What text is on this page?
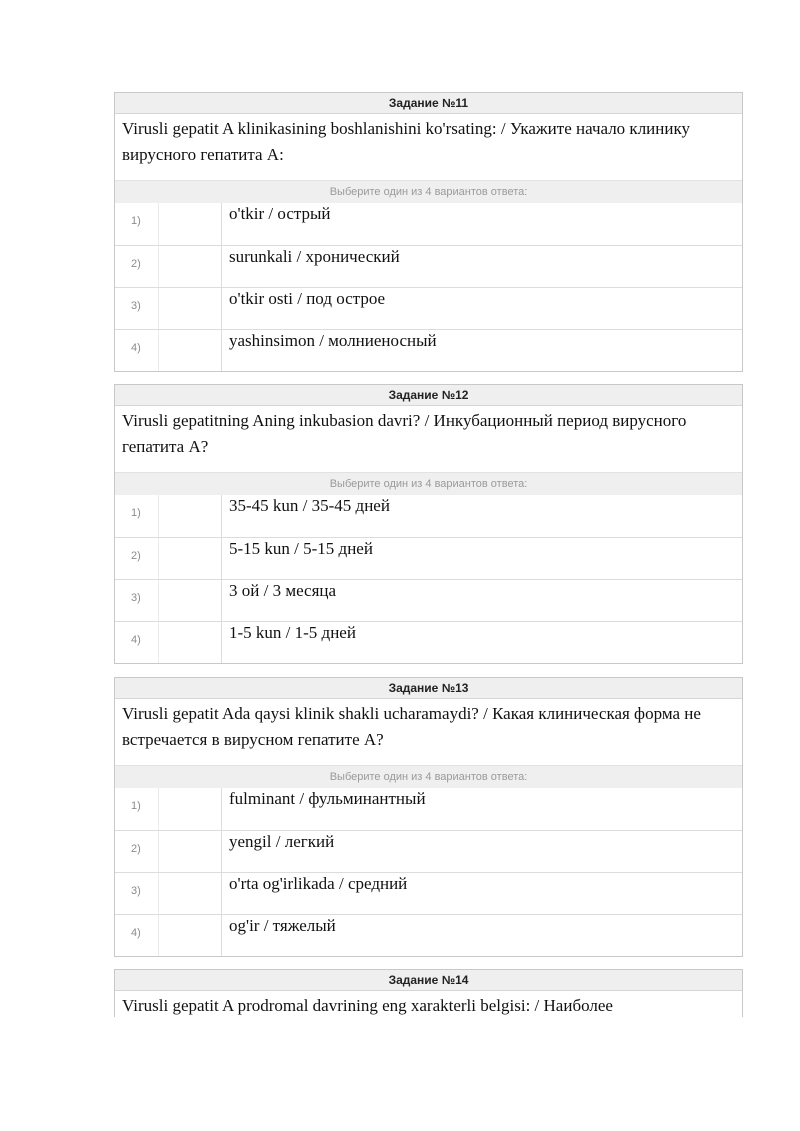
Задание №11
Virusli gepatit A klinikasining boshlanishini ko'rsating: / Укажите начало клинику вирусного гепатита A:
Выберите один из 4 вариантов ответа:
1)	o'tkir / острый
2)	surunkali / хронический
3)	o'tkir osti / под острое
4)	yashinsimon / молниеносный
Задание №12
Virusli gepatitning Aning inkubasion davri? / Инкубационный период вирусного гепатита A?
Выберите один из 4 вариантов ответа:
1)	35-45 kun / 35-45 дней
2)	5-15 kun / 5-15 дней
3)	3 ой / 3 месяца
4)	1-5 kun / 1-5 дней
Задание №13
Virusli gepatit Ada qaysi klinik shakli ucharamaydi? / Какая клиническая форма не встречается в вирусном гепатите A?
Выберите один из 4 вариантов ответа:
1)	fulminant / фульминантный
2)	yengil / легкий
3)	o'rta og'irlikada / средний
4)	og'ir / тяжелый
Задание №14
Virusli gepatit A prodromal davrining eng xarakterli belgisi: / Наиболее
